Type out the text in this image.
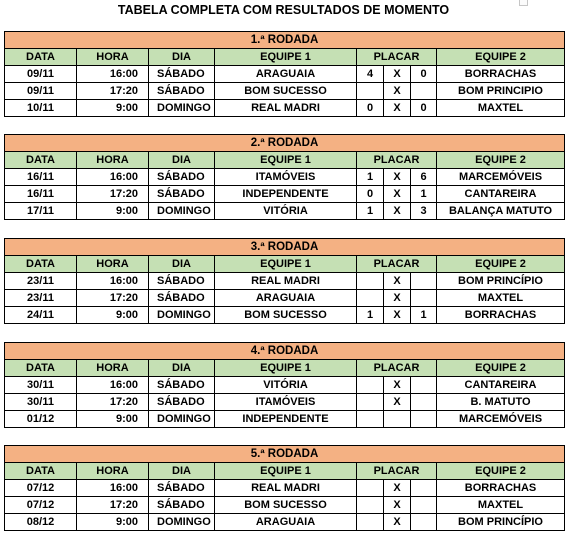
TABELA COMPLETA COM RESULTADOS DE MOMENTO
1.ª RODADA							
DATA	HORA	DIA	EQUIPE 1	PLACAR			EQUIPE 2
09/11	16:00	SÁBADO	ARAGUAIA	4	X	0	BORRACHAS
09/11	17:20	SÁBADO	BOM SUCESSO		X		BOM PRINCIPIO
10/11	9:00	DOMINGO	REAL MADRI	0	X	0	MAXTEL
2.ª RODADA							
DATA	HORA	DIA	EQUIPE 1	PLACAR			EQUIPE 2
16/11	16:00	SÁBADO	ITAMÓVEIS	1	X	6	MARCEMÓVEIS
16/11	17:20	SÁBADO	INDEPENDENTE	0	X	1	CANTAREIRA
17/11	9:00	DOMINGO	VITÓRIA	1	X	3	BALANÇA MATUTO
3.ª RODADA							
DATA	HORA	DIA	EQUIPE 1	PLACAR			EQUIPE 2
23/11	16:00	SÁBADO	REAL MADRI		X		BOM PRINCÍPIO
23/11	17:20	SÁBADO	ARAGUAIA		X		MAXTEL
24/11	9:00	DOMINGO	BOM SUCESSO	1	X	1	BORRACHAS
4.ª RODADA							
DATA	HORA	DIA	EQUIPE 1	PLACAR			EQUIPE 2
30/11	16:00	SÁBADO	VITÓRIA		X		CANTAREIRA
30/11	17:20	SÁBADO	ITAMÓVEIS		X		B. MATUTO
01/12	9:00	DOMINGO	INDEPENDENTE				MARCEMÓVEIS
5.ª RODADA							
DATA	HORA	DIA	EQUIPE 1	PLACAR			EQUIPE 2
07/12	16:00	SÁBADO	REAL MADRI		X		BORRACHAS
07/12	17:20	SÁBADO	BOM SUCESSO		X		MAXTEL
08/12	9:00	DOMINGO	ARAGUAIA		X		BOM PRINCÍPIO
